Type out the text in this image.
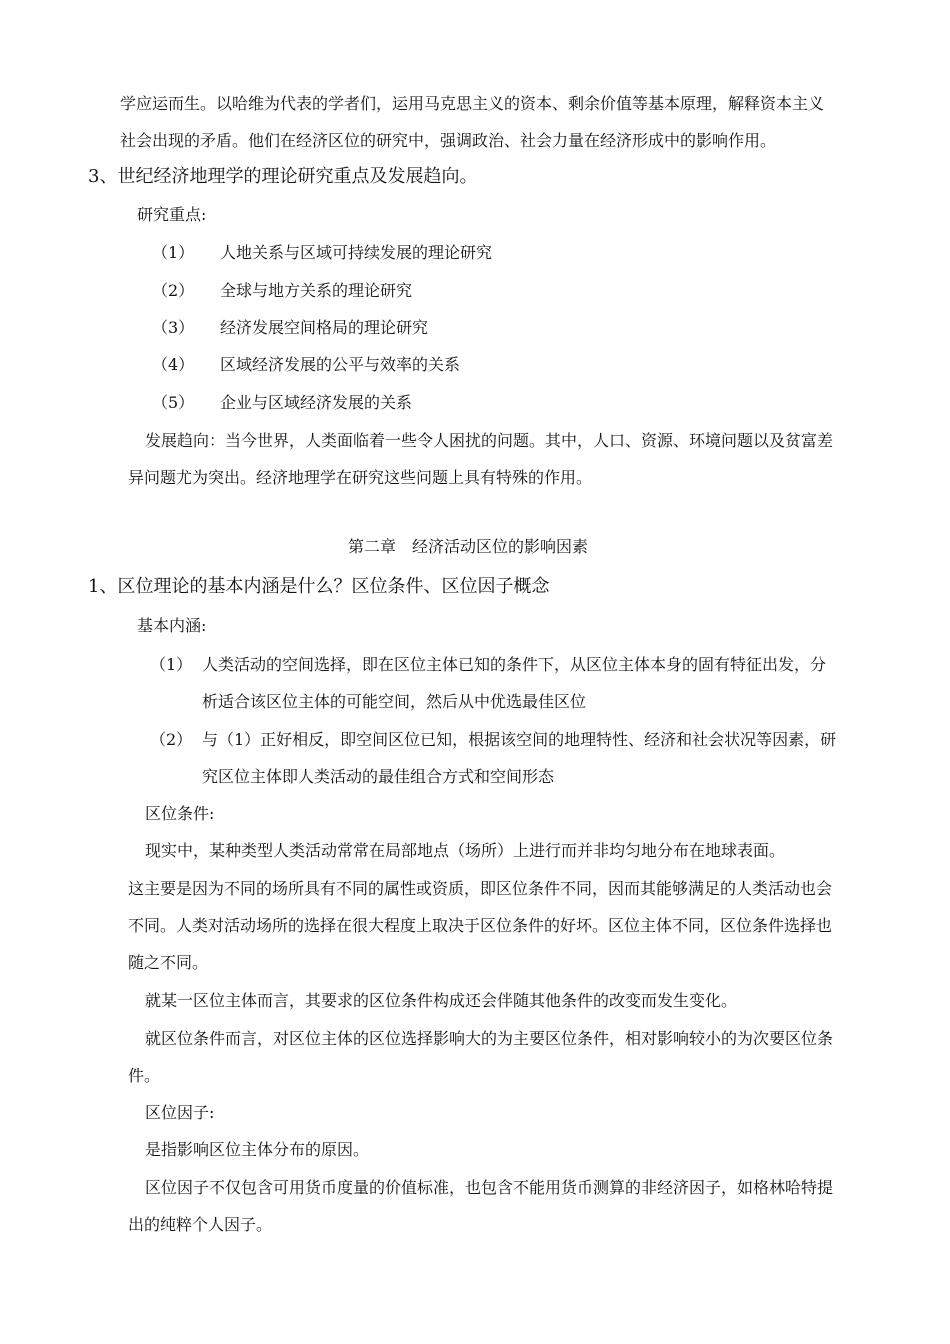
学应运而生。以哈维为代表的学者们，运用马克思主义的资本、剩余价值等基本原理，解释资本主义
社会出现的矛盾。他们在经济区位的研究中，强调政治、社会力量在经济形成中的影响作用。
3、世纪经济地理学的理论研究重点及发展趋向。
研究重点:
（1） 人地关系与区域可持续发展的理论研究
（2） 全球与地方关系的理论研究
（3） 经济发展空间格局的理论研究
（4） 区域经济发展的公平与效率的关系
（5） 企业与区域经济发展的关系
发展趋向：当今世界，人类面临着一些令人困扰的问题。其中，人口、资源、环境问题以及贫富差
异问题尤为突出。经济地理学在研究这些问题上具有特殊的作用。
第二章　经济活动区位的影响因素
1、区位理论的基本内涵是什么？区位条件、区位因子概念
基本内涵:
（1） 人类活动的空间选择，即在区位主体已知的条件下，从区位主体本身的固有特征出发，分
析适合该区位主体的可能空间，然后从中优选最佳区位
（2） 与（1）正好相反，即空间区位已知，根据该空间的地理特性、经济和社会状况等因素，研
究区位主体即人类活动的最佳组合方式和空间形态
区位条件:
现实中，某种类型人类活动常常在局部地点（场所）上进行而并非均匀地分布在地球表面。
这主要是因为不同的场所具有不同的属性或资质，即区位条件不同，因而其能够满足的人类活动也会
不同。人类对活动场所的选择在很大程度上取决于区位条件的好坏。区位主体不同，区位条件选择也
随之不同。
就某一区位主体而言，其要求的区位条件构成还会伴随其他条件的改变而发生变化。
就区位条件而言，对区位主体的区位选择影响大的为主要区位条件，相对影响较小的为次要区位条
件。
区位因子:
是指影响区位主体分布的原因。
区位因子不仅包含可用货币度量的价值标准，也包含不能用货币测算的非经济因子，如格林哈特提
出的纯粹个人因子。
